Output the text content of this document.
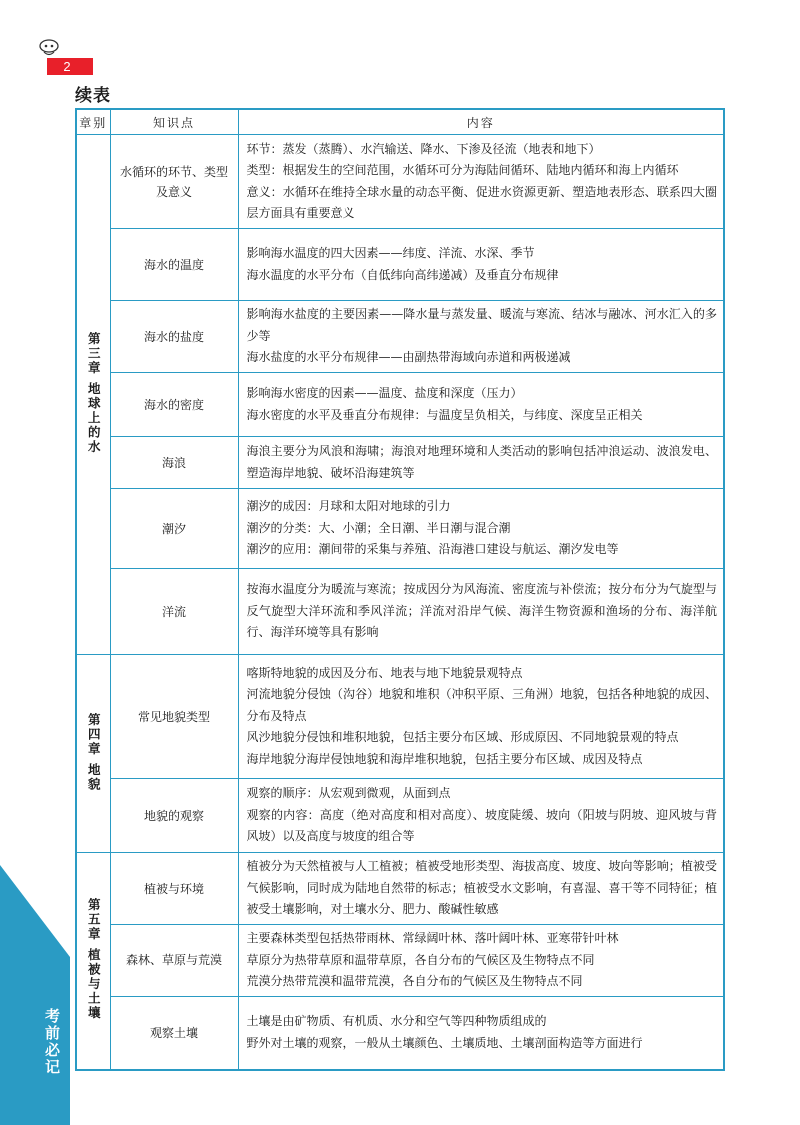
2
续表
章别	知识点	内容
第三章 地球上的水	水循环的环节、类型及意义	环节：蒸发（蒸腾）、水汽输送、降水、下渗及径流（地表和地下）
类型：根据发生的空间范围，水循环可分为海陆间循环、陆地内循环和海上内循环
意义：水循环在维持全球水量的动态平衡、促进水资源更新、塑造地表形态、联系四大圈层方面具有重要意义

	海水的温度	影响海水温度的四大因素——纬度、洋流、水深、季节
海水温度的水平分布（自低纬向高纬递减）及垂直分布规律

	海水的盐度	影响海水盐度的主要因素——降水量与蒸发量、暖流与寒流、结冰与融冰、河水汇入的多少等
海水盐度的水平分布规律——由副热带海域向赤道和两极递减

	海水的密度	影响海水密度的因素——温度、盐度和深度（压力）
海水密度的水平及垂直分布规律：与温度呈负相关，与纬度、深度呈正相关

	海浪	海浪主要分为风浪和海啸；海浪对地理环境和人类活动的影响包括冲浪运动、波浪发电、塑造海岸地貌、破坏沿海建筑等

	潮汐	潮汐的成因：月球和太阳对地球的引力
潮汐的分类：大、小潮；全日潮、半日潮与混合潮
潮汐的应用：潮间带的采集与养殖、沿海港口建设与航运、潮汐发电等

	洋流	按海水温度分为暖流与寒流；按成因分为风海流、密度流与补偿流；按分布分为气旋型与反气旋型大洋环流和季风洋流；洋流对沿岸气候、海洋生物资源和渔场的分布、海洋航行、海洋环境等具有影响

第四章 地貌	常见地貌类型	喀斯特地貌的成因及分布、地表与地下地貌景观特点
河流地貌分侵蚀（沟谷）地貌和堆积（冲积平原、三角洲）地貌，包括各种地貌的成因、分布及特点
风沙地貌分侵蚀和堆积地貌，包括主要分布区域、形成原因、不同地貌景观的特点
海岸地貌分海岸侵蚀地貌和海岸堆积地貌，包括主要分布区域、成因及特点

	地貌的观察	观察的顺序：从宏观到微观，从面到点
观察的内容：高度（绝对高度和相对高度）、坡度陡缓、坡向（阳坡与阴坡、迎风坡与背风坡）以及高度与坡度的组合等

第五章 植被与土壤	植被与环境	植被分为天然植被与人工植被；植被受地形类型、海拔高度、坡度、坡向等影响；植被受气候影响，同时成为陆地自然带的标志；植被受水文影响，有喜湿、喜干等不同特征；植被受土壤影响，对土壤水分、肥力、酸碱性敏感

	森林、草原与荒漠	主要森林类型包括热带雨林、常绿阔叶林、落叶阔叶林、亚寒带针叶林
草原分为热带草原和温带草原，各自分布的气候区及生物特点不同
荒漠分热带荒漠和温带荒漠，各自分布的气候区及生物特点不同

	观察土壤	土壤是由矿物质、有机质、水分和空气等四种物质组成的
野外对土壤的观察，一般从土壤颜色、土壤质地、土壤剖面构造等方面进行
考前必记
